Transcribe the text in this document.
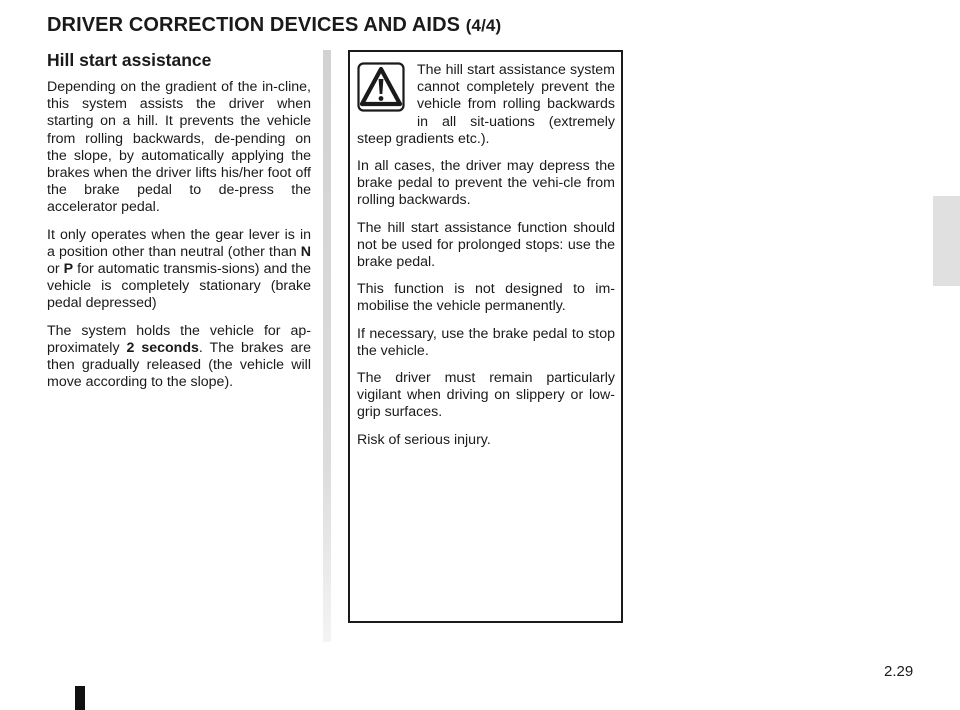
DRIVER CORRECTION DEVICES AND AIDS (4/4)
Hill start assistance

Depending on the gradient of the in-cline, this system assists the driver when starting on a hill. It prevents the vehicle from rolling backwards, de-pending on the slope, by automatically applying the brakes when the driver lifts his/her foot off the brake pedal to de-press the accelerator pedal.

It only operates when the gear lever is in a position other than neutral (other than N or P for automatic transmis-sions) and the vehicle is completely stationary (brake pedal depressed)

The system holds the vehicle for ap-proximately 2 seconds. The brakes are then gradually released (the vehicle will move according to the slope).

The hill start assistance system cannot completely prevent the vehicle from rolling backwards in all sit-uations (extremely steep gradients etc.).

In all cases, the driver may depress the brake pedal to prevent the vehi-cle from rolling backwards.

The hill start assistance function should not be used for prolonged stops: use the brake pedal.

This function is not designed to im-mobilise the vehicle permanently.

If necessary, use the brake pedal to stop the vehicle.

The driver must remain particularly vigilant when driving on slippery or low-grip surfaces.

Risk of serious injury.

2.29
